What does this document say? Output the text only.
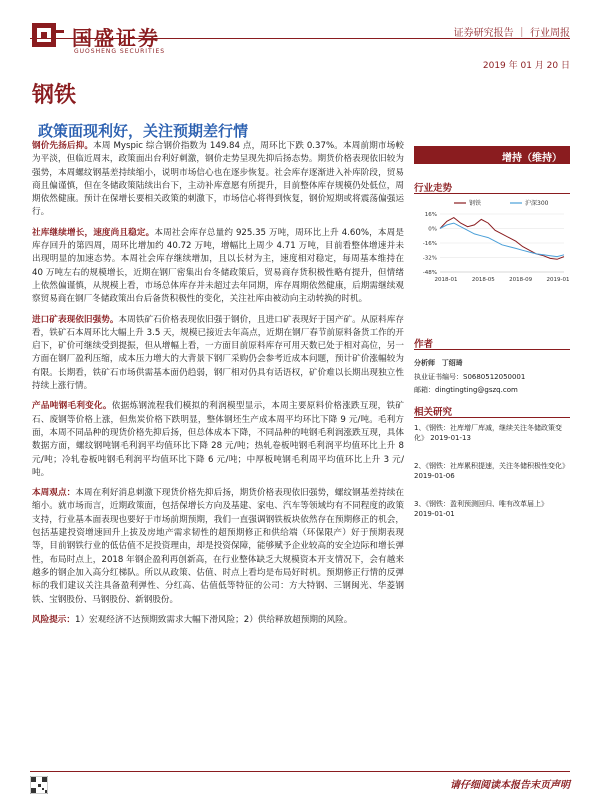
国盛证券
GUOSHENG SECURITIES
证券研究报告 ｜ 行业周报
2019 年 01 月 20 日
钢铁
政策面现利好，关注预期差行情

钢价先扬后抑。本周 Myspic 综合钢价指数为 149.84 点，周环比下跌 0.37%。本周前期市场較为平淡，但临近周末，政策面出台利好刺激，钢价走势呈现先抑后扬态势。期货价格表现依旧较为强势，本周螺纹钢基差持续缩小，说明市场信心也在逐步恢复。社会库存逐渐进入补库阶段，贸易商且偏谨慎，但在冬储政策陆续出台下，主动补库意愿有所提升，目前整体库存规模仍处低位，周期依然健康。预计在保增长要相关政策的刺激下，市场信心将得到恢复，钢价短期或将震荡偏强运行。

社库继续增长，速度尚且稳定。本周社会库存总量约 925.35 万吨，周环比上升 4.60%，本周是库存回升的第四周，周环比增加约 40.72 万吨，增幅比上周少 4.71 万吨，目前看整体增速并未出现明显的加速态势。本周社会库存继续增加，且以长材为主，速度相对稳定，每周基本维持在 40 万吨左右的规模增长，近期在钢厂密集出台冬储政策后，贸易商存货积极性略有提升，但情绪上依然偏谨慎，从规模上看，市场总体库存并未超过去年同期，库存周期依然健康，后期需继续观察贸易商在钢厂冬储政策出台后备货积极性的变化，关注社库由被动向主动转换的时机。

进口矿表现依旧强势。本周铁矿石价格表现依旧强于钢价，且进口矿表现好于国产矿。从原料库存看，铁矿石本周环比大幅上升 3.5 天，规模已接近去年高点，近期在钢厂春节前原料备货工作的开启下，矿价可继续受到提振，但从增幅上看，一方面目前原料库存可用天数已处于相对高位，另一方面在钢厂盈利压缩，成本压力增大的大背景下钢厂采购仍会参考近成本问题，预计矿价涨幅较为有限。长期看，铁矿石市场供需基本面仍趋弱，钢厂相对仍具有话语权，矿价难以长期出现独立性持续上涨行情。

产品吨钢毛利变化。依据炼钢流程我们模拟的利润模型显示，本周主要原料价格涨跌互现，铁矿石、废钢等价格上涨，但焦炭价格下跌明显，整体钢坯生产成本周平均环比下降 9 元/吨。毛利方面，本周不同品种的现货价格先抑后扬，但总体成本下降，不同品种的吨钢毛利润涨跌互现，具体数据方面，螺纹钢吨钢毛利润平均值环比下降 28 元/吨；热轧卷板吨钢毛利润平均值环比上升 8 元/吨；冷轧卷板吨钢毛利润平均值环比下降 6 元/吨；中厚板吨钢毛利周平均值环比上升 3 元/吨。

本周观点：本周在利好消息刺激下现货价格先抑后扬，期货价格表现依旧强势，螺纹钢基差持续在缩小。就市场而言，近期政策面，包括保增长方向及基建、家电、汽车等领域均有不同程度的政策支持，行业基本面表现也要好于市场前期预期，我们一直强调钢铁板块依然存在预期修正的机会，包括基建投资增速回升上拔及房地产需求韧性的超预期修正和供给端（环保限产）好于预期表现等，目前钢铁行业的低估值不足投资理由，却是投资保障，能够赋予企业较高的安全边际和增长弹性，布局时点上，2018 年钢企盈利再创新高，在行业整体缺乏大规模资本开支情况下，会有越来越多的钢企加入高分红梯队。所以从政策、估值、时点上看均是布局好时机。预期修正行情的反弹标的我们建议关注具备盈利弹性、分红高、估值低等特征的公司：方大特钢、三钢闽光、华菱钢铁、宝钢股份、马钢股份、新钢股份。

风险提示：1）宏观经济不达预期致需求大幅下滑风险；2）供给释放超预期的风险。

增持（维持）
行业走势
钢铁	沪深300
16%
0%
-16%
-32%
-48%
2018-01	2018-05	2018-09	2019-01
作者
分析师 丁绍琦
执业证书编号：S0680512050001
邮箱：dingtingting@gszq.com
相关研究
1、《钢铁：社库增厂库减，继续关注冬储政策变化》 2019-01-13
2、《钢铁：社库累积提速，关注冬储积极性变化》 2019-01-06
3、《钢铁：盈利预测回归、唯有改革届上》 2019-01-01
请仔细阅读本报告末页声明
